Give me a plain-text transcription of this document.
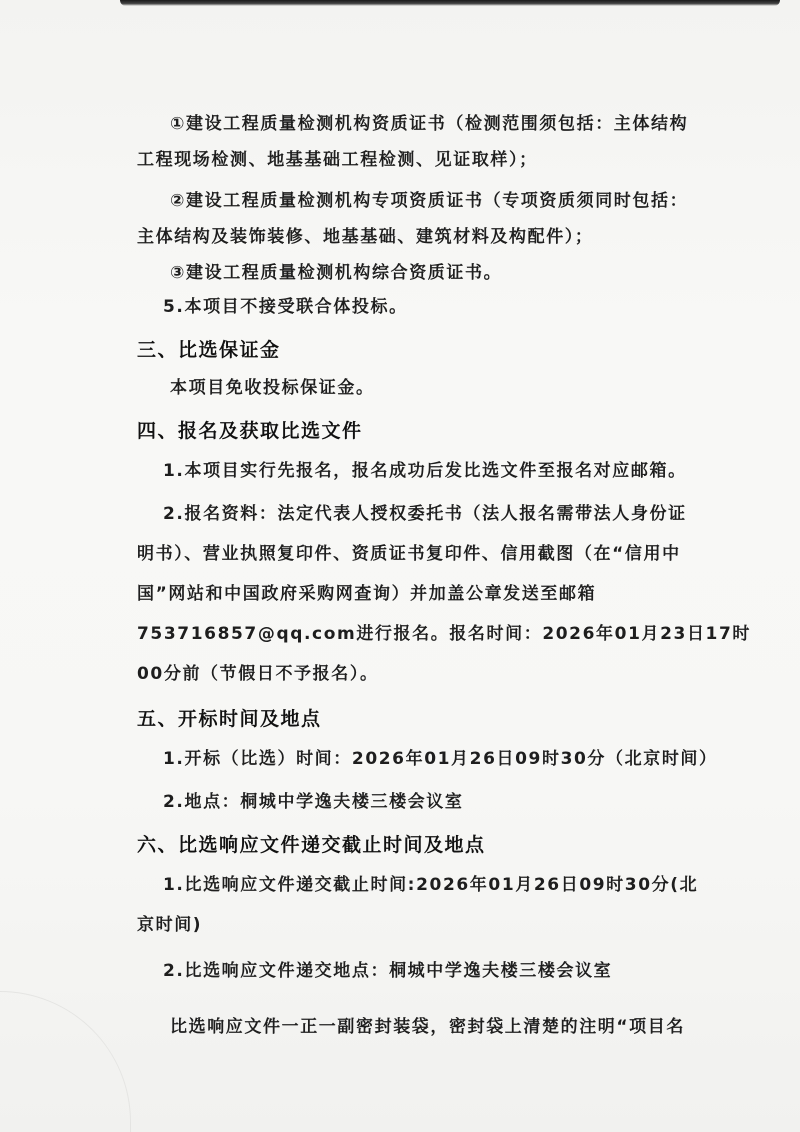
①建设工程质量检测机构资质证书（检测范围须包括：主体结构
工程现场检测、地基基础工程检测、见证取样）；
②建设工程质量检测机构专项资质证书（专项资质须同时包括：
主体结构及装饰装修、地基基础、建筑材料及构配件）；
③建设工程质量检测机构综合资质证书。
5.本项目不接受联合体投标。
三、比选保证金
本项目免收投标保证金。
四、报名及获取比选文件
1.本项目实行先报名，报名成功后发比选文件至报名对应邮箱。
2.报名资料：法定代表人授权委托书（法人报名需带法人身份证
明书）、营业执照复印件、资质证书复印件、信用截图（在“信用中
国”网站和中国政府采购网查询）并加盖公章发送至邮箱
753716857@qq.com进行报名。报名时间：2026年01月23日17时
00分前（节假日不予报名）。
五、开标时间及地点
1.开标（比选）时间：2026年01月26日09时30分（北京时间）
2.地点：桐城中学逸夫楼三楼会议室
六、比选响应文件递交截止时间及地点
1.比选响应文件递交截止时间:2026年01月26日09时30分(北
京时间)
2.比选响应文件递交地点：桐城中学逸夫楼三楼会议室
比选响应文件一正一副密封装袋，密封袋上清楚的注明“项目名
